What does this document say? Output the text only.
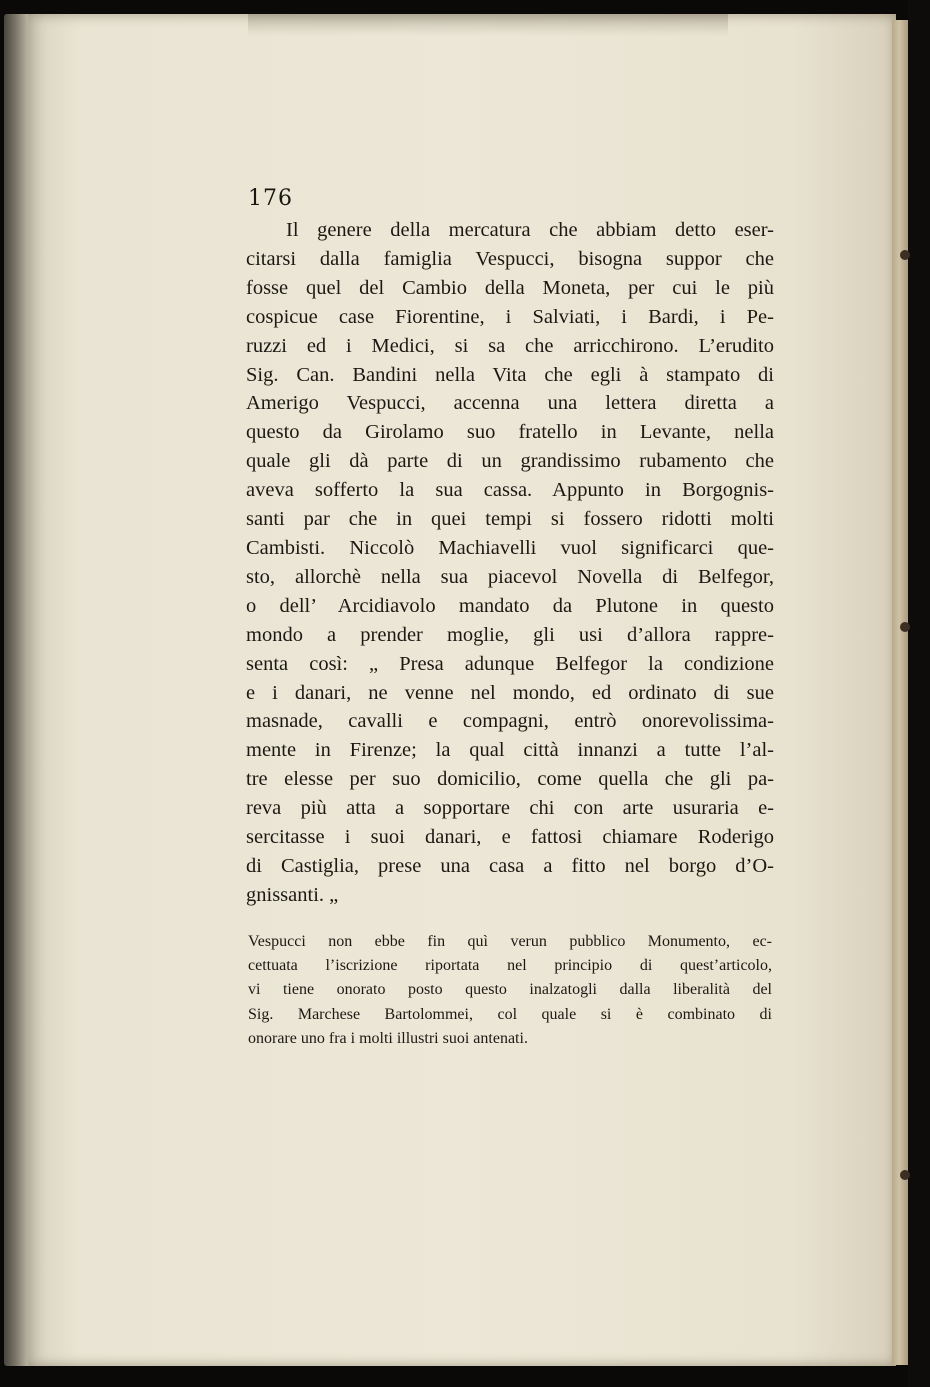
176
Il genere della mercatura che abbiam detto eser-
citarsi dalla famiglia Vespucci, bisogna suppor che
fosse quel del Cambio della Moneta, per cui le più
cospicue case Fiorentine, i Salviati, i Bardi, i Pe-
ruzzi ed i Medici, si sa che arricchirono. L’erudito
Sig. Can. Bandini nella Vita che egli à stampato di
Amerigo Vespucci, accenna una lettera diretta a
questo da Girolamo suo fratello in Levante, nella
quale gli dà parte di un grandissimo rubamento che
aveva sofferto la sua cassa. Appunto in Borgognis-
santi par che in quei tempi si fossero ridotti molti
Cambisti. Niccolò Machiavelli vuol significarci que-
sto, allorchè nella sua piacevol Novella di Belfegor,
o dell’ Arcidiavolo mandato da Plutone in questo
mondo a prender moglie, gli usi d’allora rappre-
senta così: „ Presa adunque Belfegor la condizione
e i danari, ne venne nel mondo, ed ordinato di sue
masnade, cavalli e compagni, entrò onorevolissima-
mente in Firenze; la qual città innanzi a tutte l’al-
tre elesse per suo domicilio, come quella che gli pa-
reva più atta a sopportare chi con arte usuraria e-
sercitasse i suoi danari, e fattosi chiamare Roderigo
di Castiglia, prese una casa a fitto nel borgo d’O-
gnissanti. „
Vespucci non ebbe fin quì verun pubblico Monumento, ec-
cettuata l’iscrizione riportata nel principio di quest’articolo,
vi tiene onorato posto questo inalzatogli dalla liberalità del
Sig. Marchese Bartolommei, col quale si è combinato di
onorare uno fra i molti illustri suoi antenati.
